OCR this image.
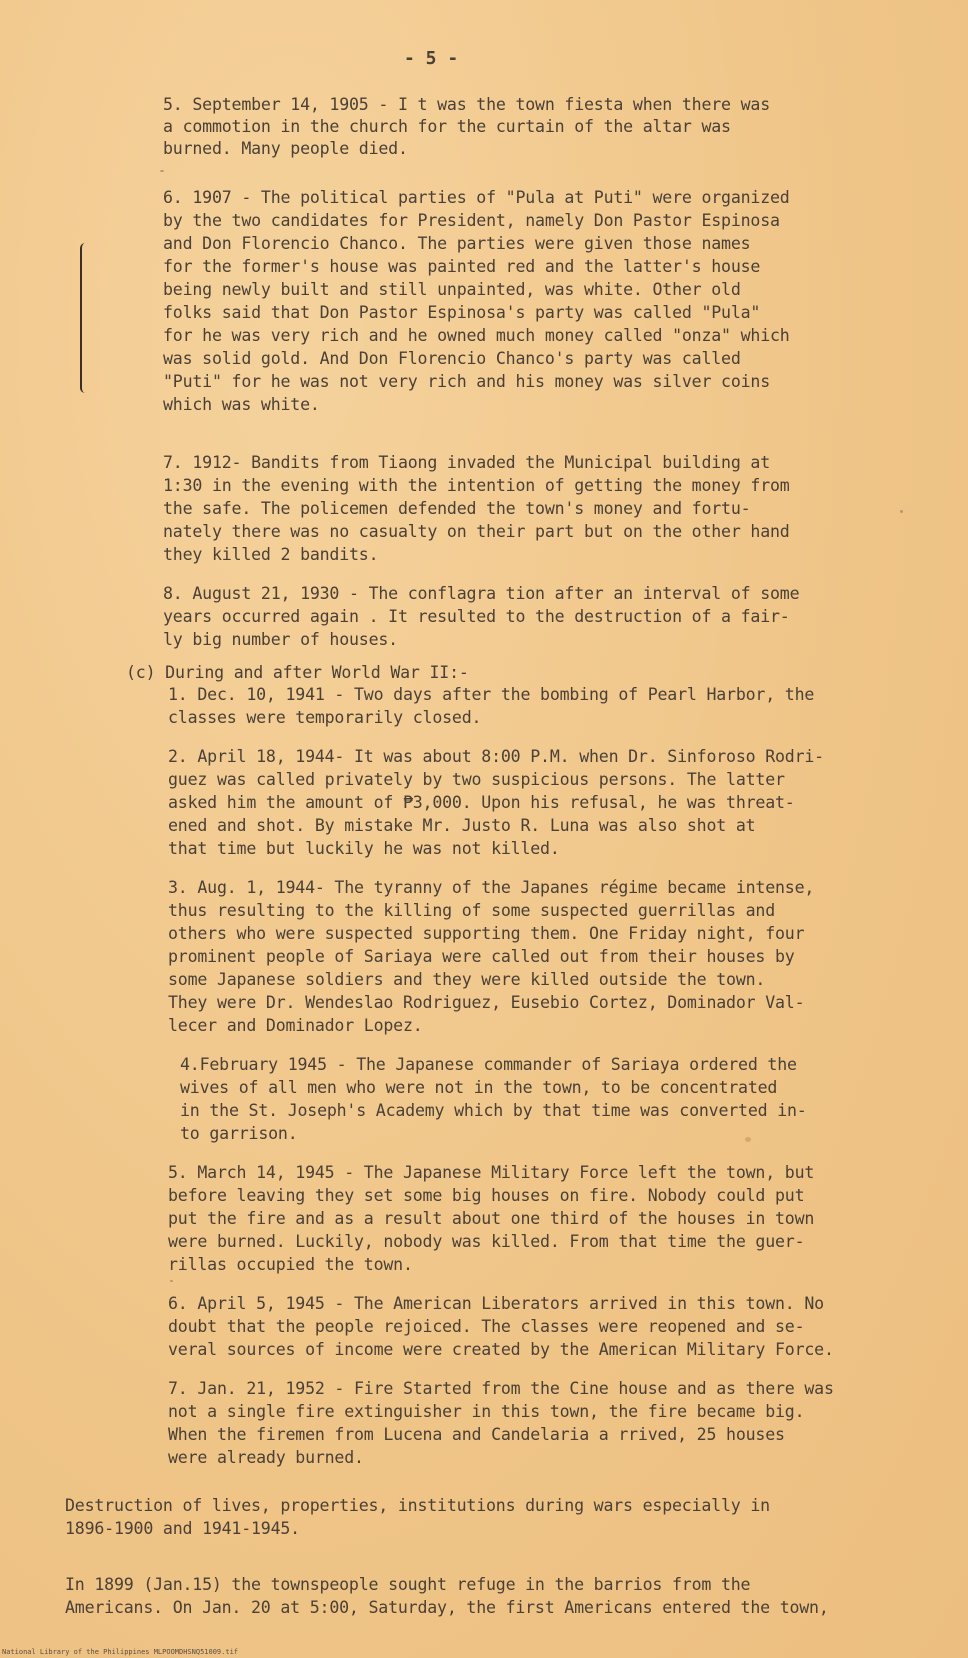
- 5 -
5. September 14, 1905 - I t was the town fiesta when there was
a commotion in the church for the curtain of the altar was
burned. Many people died.
6. 1907 - The political parties of "Pula at Puti" were organized
by the two candidates for President, namely Don Pastor Espinosa
and Don Florencio Chanco. The parties were given those names
for the former's house was painted red and the latter's house
being newly built and still unpainted, was white. Other old
folks said that Don Pastor Espinosa's party was called "Pula"
for he was very rich and he owned much money called "onza" which
was solid gold. And Don Florencio Chanco's party was called
"Puti" for he was not very rich and his money was silver coins
which was white.
7. 1912- Bandits from Tiaong invaded the Municipal building at
1:30 in the evening with the intention of getting the money from
the safe. The policemen defended the town's money and fortu-
nately there was no casualty on their part but on the other hand
they killed 2 bandits.
8. August 21, 1930 - The conflagra tion after an interval of some
years occurred again . It resulted to the destruction of a fair-
ly big number of houses.
(c) During and after World War II:-
1. Dec. 10, 1941 - Two days after the bombing of Pearl Harbor, the
classes were temporarily closed.
2. April 18, 1944- It was about 8:00 P.M. when Dr. Sinforoso Rodri-
guez was called privately by two suspicious persons. The latter
asked him the amount of ₱3,000. Upon his refusal, he was threat-
ened and shot. By mistake Mr. Justo R. Luna was also shot at
that time but luckily he was not killed.
3. Aug. 1, 1944- The tyranny of the Japanes régime became intense,
thus resulting to the killing of some suspected guerrillas and
others who were suspected supporting them. One Friday night, four
prominent people of Sariaya were called out from their houses by
some Japanese soldiers and they were killed outside the town.
They were Dr. Wendeslao Rodriguez, Eusebio Cortez, Dominador Val-
lecer and Dominador Lopez.
4.February 1945 - The Japanese commander of Sariaya ordered the
wives of all men who were not in the town, to be concentrated
in the St. Joseph's Academy which by that time was converted in-
to garrison.
5. March 14, 1945 - The Japanese Military Force left the town, but
before leaving they set some big houses on fire. Nobody could put
put the fire and as a result about one third of the houses in town
were burned. Luckily, nobody was killed. From that time the guer-
rillas occupied the town.
6. April 5, 1945 - The American Liberators arrived in this town. No
doubt that the people rejoiced. The classes were reopened and se-
veral sources of income were created by the American Military Force.
7. Jan. 21, 1952 - Fire Started from the Cine house and as there was
not a single fire extinguisher in this town, the fire became big.
When the firemen from Lucena and Candelaria a rrived, 25 houses
were already burned.
Destruction of lives, properties, institutions during wars especially in
1896-1900 and 1941-1945.
In 1899 (Jan.15) the townspeople sought refuge in the barrios from the
Americans. On Jan. 20 at 5:00, Saturday, the first Americans entered the town,
National Library of the Philippines MLPOOMDHSNQ51009.tif
